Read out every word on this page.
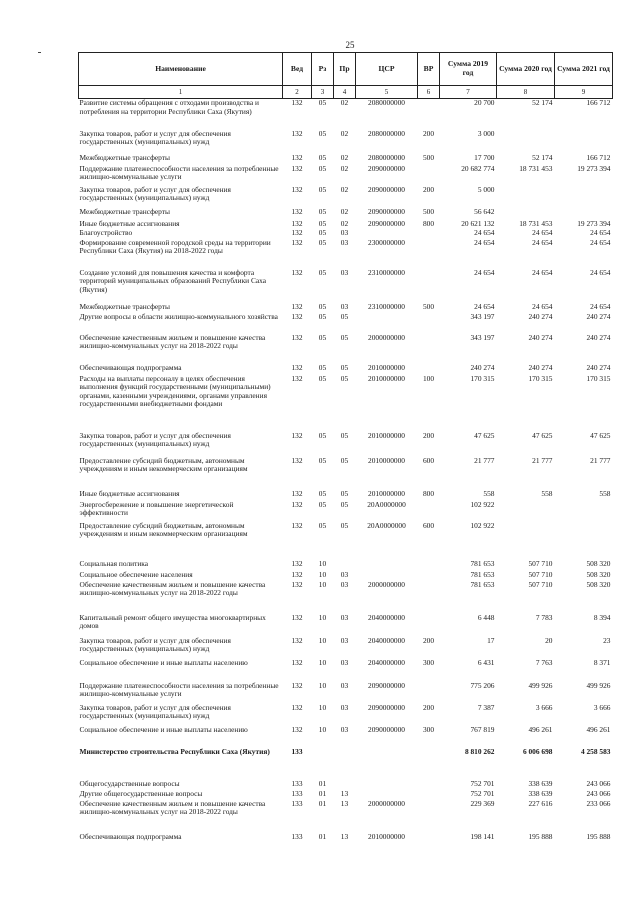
25
Наименование	Вед	Рз	Пр	ЦСР	ВР	Сумма 2019 год	Сумма 2020 год	Сумма 2021 год
1	2	3	4	5	6	7	8	9
Развитие системы обращения с отходами производства и потребления на территории Республики Саха (Якутия)	132	05	02	2080000000		20 700	52 174	166 712
Закупка товаров, работ и услуг для обеспечения государственных (муниципальных) нужд	132	05	02	2080000000	200	3 000		
Межбюджетные трансферты	132	05	02	2080000000	500	17 700	52 174	166 712
Поддержание платежеспособности населения за потребленные жилищно-коммунальные услуги	132	05	02	2090000000		20 682 774	18 731 453	19 273 394
Закупка товаров, работ и услуг для обеспечения государственных (муниципальных) нужд	132	05	02	2090000000	200	5 000		
Межбюджетные трансферты	132	05	02	2090000000	500	56 642		
Иные бюджетные ассигнования	132	05	02	2090000000	800	20 621 132	18 731 453	19 273 394
Благоустройство	132	05	03			24 654	24 654	24 654
Формирование современной городской среды на территории Республики Саха (Якутия) на 2018-2022 годы	132	05	03	2300000000		24 654	24 654	24 654
Создание условий для повышения качества и комфорта территорий муниципальных образований Республики Саха (Якутия)	132	05	03	2310000000		24 654	24 654	24 654
Межбюджетные трансферты	132	05	03	2310000000	500	24 654	24 654	24 654
Другие вопросы в области жилищно-коммунального хозяйства	132	05	05			343 197	240 274	240 274
Обеспечение качественным жильем и повышение качества жилищно-коммунальных услуг на 2018-2022 годы	132	05	05	2000000000		343 197	240 274	240 274
Обеспечивающая подпрограмма	132	05	05	2010000000		240 274	240 274	240 274
Расходы на выплаты персоналу в целях обеспечения выполнения функций государственными (муниципальными) органами, казенными учреждениями, органами управления государственными внебюджетными фондами	132	05	05	2010000000	100	170 315	170 315	170 315
Закупка товаров, работ и услуг для обеспечения государственных (муниципальных) нужд	132	05	05	2010000000	200	47 625	47 625	47 625
Предоставление субсидий бюджетным, автономным учреждениям и иным некоммерческим организациям	132	05	05	2010000000	600	21 777	21 777	21 777
Иные бюджетные ассигнования	132	05	05	2010000000	800	558	558	558
Энергосбережение и повышение энергетической эффективности	132	05	05	20А0000000		102 922		
Предоставление субсидий бюджетным, автономным учреждениям и иным некоммерческим организациям	132	05	05	20А0000000	600	102 922		
Социальная политика	132	10				781 653	507 710	508 320
Социальное обеспечение населения	132	10	03			781 653	507 710	508 320
Обеспечение качественным жильем и повышение качества жилищно-коммунальных услуг на 2018-2022 годы	132	10	03	2000000000		781 653	507 710	508 320
Капитальный ремонт общего имущества многоквартирных домов	132	10	03	2040000000		6 448	7 783	8 394
Закупка товаров, работ и услуг для обеспечения государственных (муниципальных) нужд	132	10	03	2040000000	200	17	20	23
Социальное обеспечение и иные выплаты населению	132	10	03	2040000000	300	6 431	7 763	8 371
Поддержание платежеспособности населения за потребленные жилищно-коммунальные услуги	132	10	03	2090000000		775 206	499 926	499 926
Закупка товаров, работ и услуг для обеспечения государственных (муниципальных) нужд	132	10	03	2090000000	200	7 387	3 666	3 666
Социальное обеспечение и иные выплаты населению	132	10	03	2090000000	300	767 819	496 261	496 261
Министерство строительства Республики Саха (Якутия)	133					8 810 262	6 006 698	4 258 583
Общегосударственные вопросы	133	01				752 701	338 639	243 066
Другие общегосударственные вопросы	133	01	13			752 701	338 639	243 066
Обеспечение качественным жильем и повышение качества жилищно-коммунальных услуг на 2018-2022 годы	133	01	13	2000000000		229 369	227 616	233 066
Обеспечивающая подпрограмма	133	01	13	2010000000		198 141	195 888	195 888
